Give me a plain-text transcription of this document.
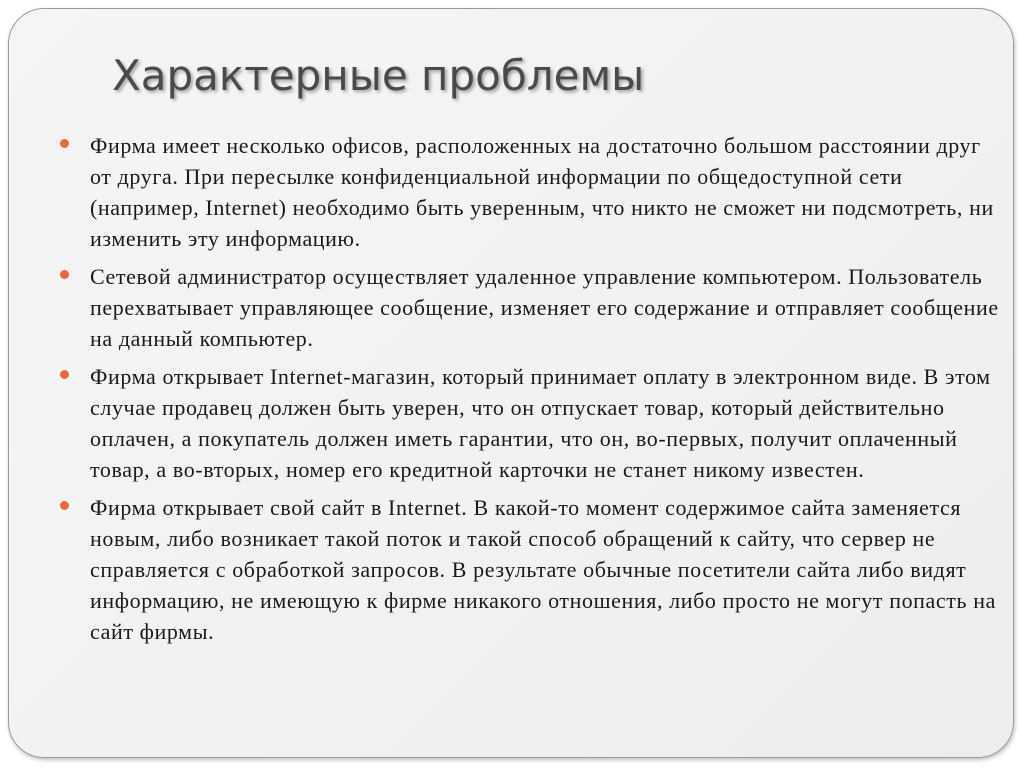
Характерные проблемы
Фирма имеет несколько офисов, расположенных на достаточно большом расстоянии друг от друга. При пересылке конфиденциальной информации по общедоступной сети (например, Internet) необходимо быть уверенным, что никто не сможет ни подсмотреть, ни изменить эту информацию.
Сетевой администратор осуществляет удаленное управление компьютером. Пользователь перехватывает управляющее сообщение, изменяет его содержание и отправляет сообщение на данный компьютер.
Фирма открывает Internet-магазин, который принимает оплату в электронном виде. В этом случае продавец должен быть уверен, что он отпускает товар, который действительно оплачен, а покупатель должен иметь гарантии, что он, во-первых, получит оплаченный товар, а во-вторых, номер его кредитной карточки не станет никому известен.
Фирма открывает свой сайт в Internet. В какой-то момент содержимое сайта заменяется новым, либо возникает такой поток и такой способ обращений к сайту, что сервер не справляется с обработкой запросов. В результате обычные посетители сайта либо видят информацию, не имеющую к фирме никакого отношения, либо просто не могут попасть на сайт фирмы.
